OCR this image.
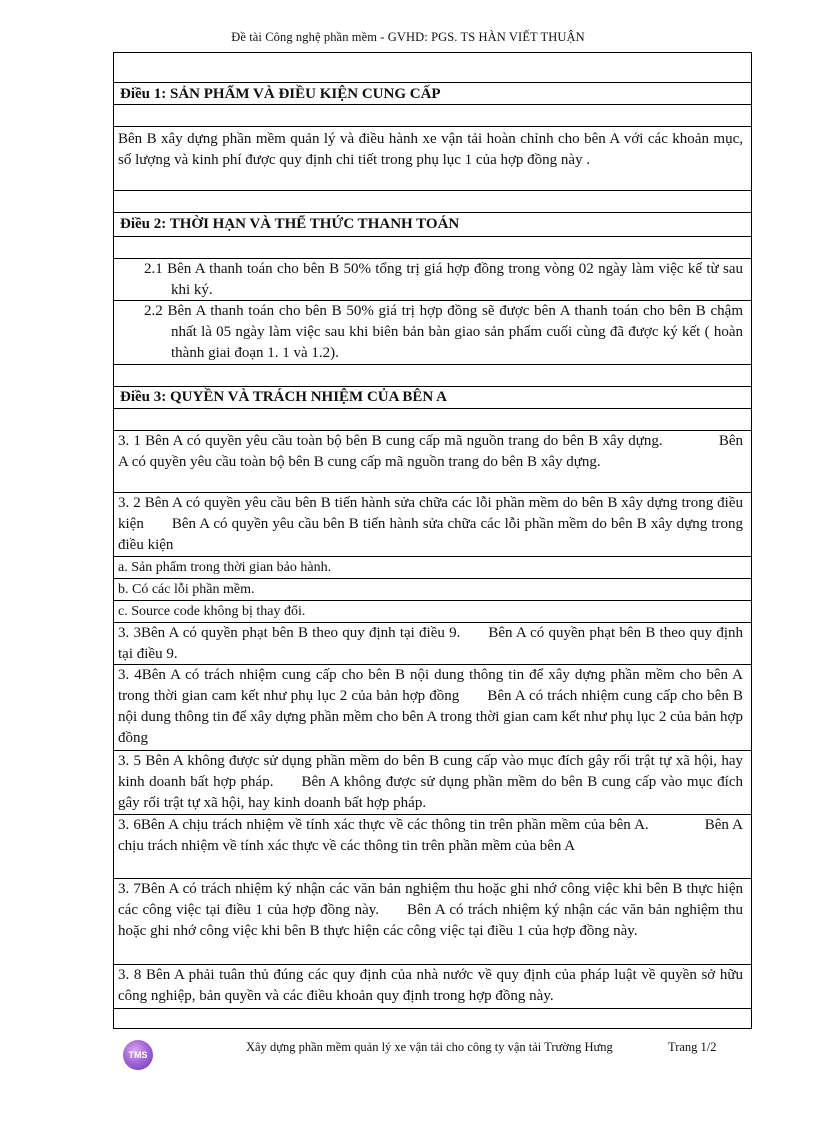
Đề tài Công nghệ phần mềm - GVHD: PGS. TS HÀN VIẾT THUẬN
Điều 1: SẢN PHẨM VÀ ĐIỀU KIỆN CUNG CẤP
Bên B xây dựng phần mềm quản lý và điều hành xe vận tải hoàn chỉnh cho bên A với các khoản mục, số lượng và kinh phí được quy định chi tiết trong phụ lục 1 của hợp đồng này .
Điều 2: THỜI HẠN VÀ THỂ THỨC THANH TOÁN
2.1 Bên A thanh toán cho bên B 50% tổng trị giá hợp đồng trong vòng 02 ngày làm việc kể từ sau khi ký.
2.2 Bên A thanh toán cho bên B 50% giá trị hợp đồng sẽ được bên A thanh toán cho bên B chậm nhất là 05 ngày làm việc sau khi biên bản bàn giao sản phẩm cuối cùng đã được ký kết ( hoàn thành giai đoạn 1. 1 và 1.2).
Điều 3: QUYỀN VÀ TRÁCH NHIỆM CỦA BÊN A
3. 1 Bên A có quyền yêu cầu toàn bộ bên B cung cấp mã nguồn trang do bên B xây dựng.	Bên A có quyền yêu cầu toàn bộ bên B cung cấp mã nguồn trang do bên B xây dựng.
3. 2 Bên A có quyền yêu cầu bên B tiến hành sửa chữa các lỗi phần mềm do bên B xây dựng trong điều kiện Bên A có quyền yêu cầu bên B tiến hành sửa chữa các lỗi phần mềm do bên B xây dựng trong điều kiện
a. Sản phẩm trong thời gian bảo hành.
b. Có các lỗi phần mềm.
c. Source code không bị thay đổi.
3. 3Bên A có quyền phạt bên B theo quy định tại điều 9. Bên A có quyền phạt bên B theo quy định tại điều 9.
3. 4Bên A có trách nhiệm cung cấp cho bên B nội dung thông tin để xây dựng phần mềm cho bên A trong thời gian cam kết như phụ lục 2 của bản hợp đồng Bên A có trách nhiệm cung cấp cho bên B nội dung thông tin để xây dựng phần mềm cho bên A trong thời gian cam kết như phụ lục 2 của bản hợp đồng
3. 5 Bên A không được sử dụng phần mềm do bên B cung cấp vào mục đích gây rối trật tự xã hội, hay kinh doanh bất hợp pháp. Bên A không được sử dụng phần mềm do bên B cung cấp vào mục đích gây rối trật tự xã hội, hay kinh doanh bất hợp pháp.
3. 6Bên A chịu trách nhiệm về tính xác thực về các thông tin trên phần mềm của bên A.	Bên A chịu trách nhiệm về tính xác thực về các thông tin trên phần mềm của bên A
3. 7Bên A có trách nhiệm ký nhận các văn bản nghiệm thu hoặc ghi nhớ công việc khi bên B thực hiện các công việc tại điều 1 của hợp đồng này. Bên A có trách nhiệm ký nhận các văn bản nghiệm thu hoặc ghi nhớ công việc khi bên B thực hiện các công việc tại điều 1 của hợp đồng này.
3. 8 Bên A phải tuân thủ đúng các quy định của nhà nước về quy định của pháp luật về quyền sở hữu công nghiệp, bản quyền và các điều khoản quy định trong hợp đồng này.
TMS
Xây dựng phần mềm quản lý xe vận tải cho công ty vận tải Trường Hưng	Trang 1/2
